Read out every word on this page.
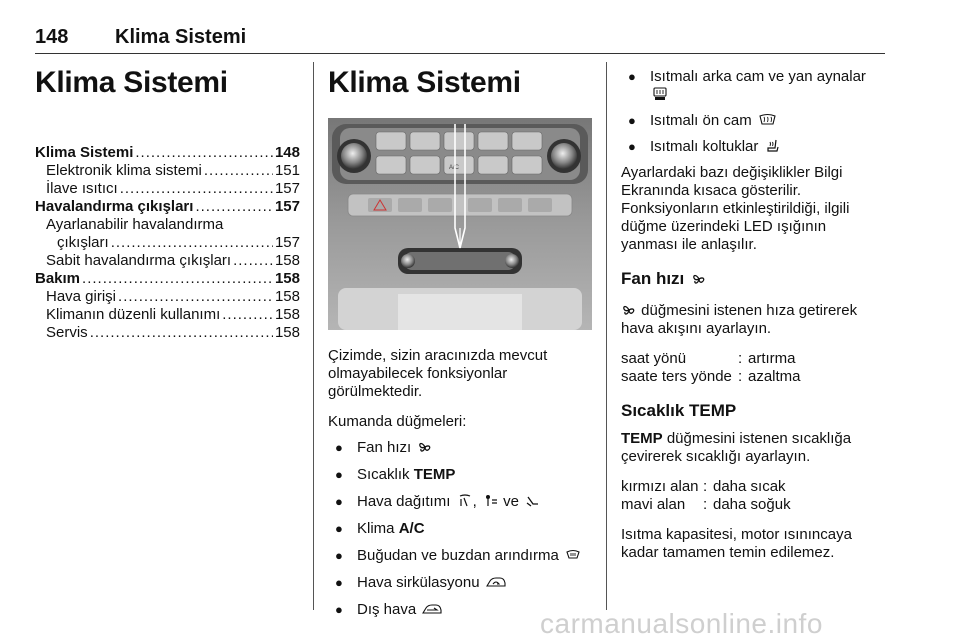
148 Klima Sistemi
Klima Sistemi
Klima Sistemi .....	148
Elektronik klima sistemi .....	151
İlave ısıtıcı .....	157
Havalandırma çıkışları .....	157
Ayarlanabilir havalandırma
çıkışları .....	157
Sabit havalandırma çıkışları .....	158
Bakım .....	158
Hava girişi .....	158
Klimanın düzenli kullanımı .....	158
Servis .....	158
Klima Sistemi
A/C

Çizimde, sizin aracınızda mevcut olmayabilecek fonksiyonlar görülmektedir.

Kumanda düğmeleri:

● Fan hızı
● Sıcaklık TEMP
● Hava dağıtımı , ve
● Klima A/C
● Buğudan ve buzdan arındırma
● Hava sirkülasyonu
● Dış hava
● Isıtmalı arka cam ve yan aynalar
● Isıtmalı ön cam
● Isıtmalı koltuklar

Ayarlardaki bazı değişiklikler Bilgi Ekranında kısaca gösterilir. Fonksiyonların etkinleştirildiği, ilgili düğme üzerindeki LED ışığının yanması ile anlaşılır.

Fan hızı

düğmesini istenen hıza getirerek hava akışını ayarlayın.

saat yönü	: artırma
saate ters yönde : azaltma
Sıcaklık TEMP

TEMP düğmesini istenen sıcaklığa çevirerek sıcaklığı ayarlayın.

kırmızı alan : daha sıcak
mavi alan	: daha soğuk

Isıtma kapasitesi, motor ısınıncaya kadar tamamen temin edilemez.

carmanualsonline.info
